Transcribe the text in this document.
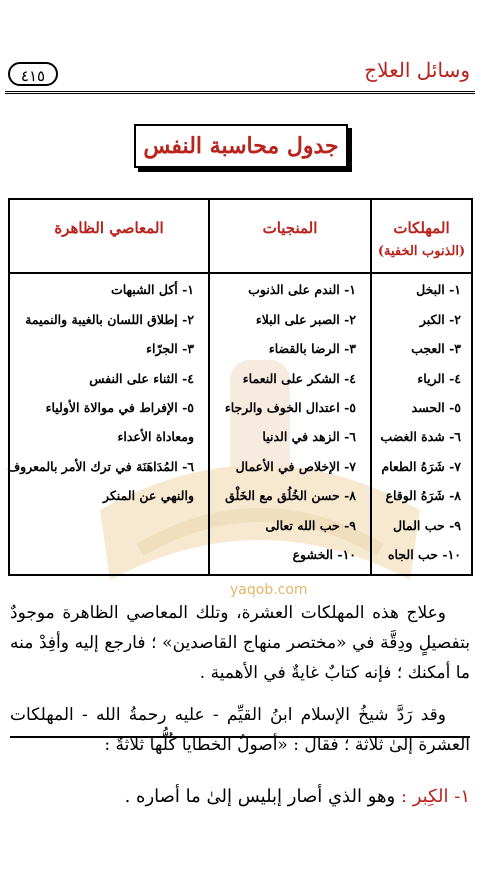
وسائل العلاج
٤١٥
جدول محاسبة النفس
yaqob.com
المهلكات
(الذنوب الخفية)
المنجيات
المعاصي الظاهرة
١- البخل
٢- الكبر
٣- العجب
٤- الرياء
٥- الحسد
٦- شدة الغضب
٧- شَرَهُ الطعام
٨- شَرَهُ الوقاع
٩- حب المال
١٠- حب الجاه
١- الندم على الذنوب
٢- الصبر على البلاء
٣- الرضا بالقضاء
٤- الشكر على النعماء
٥- اعتدال الخوف والرجاء
٦- الزهد في الدنيا
٧- الإخلاص في الأعمال
٨- حسن الخُلُق مع الخَلْق
٩- حب الله تعالى
١٠- الخشوع
١- أكل الشبهات
٢- إطلاق اللسان بالغيبة والنميمة
٣- الجرّاء
٤- الثناء على النفس
٥- الإفراط في موالاة الأولياء
ومعاداة الأعداء
٦- المُدَاهَنَة في ترك الأمر بالمعروف
والنهي عن المنكر
وعلاج هذه المهلكات العشرة، وتلك المعاصي الظاهرة موجودٌ بتفصيلٍ ودِقَّة في «مختصر منهاج القاصدين» ؛ فارجع إليه وأفِدْ منه ما أمكنك ؛ فإنه كتابٌ غايةٌ في الأهمية .
وقد رَدَّ شيخُ الإسلام ابنُ القيِّم - عليه رحمةُ الله - المهلكات العشرة إلىٰ ثلاثة ؛ فقال : «أصولُ الخطايا كُلُّها ثلاثةٌ :
١- الكِبر : وهو الذي أصار إبليس إلىٰ ما أصاره .
